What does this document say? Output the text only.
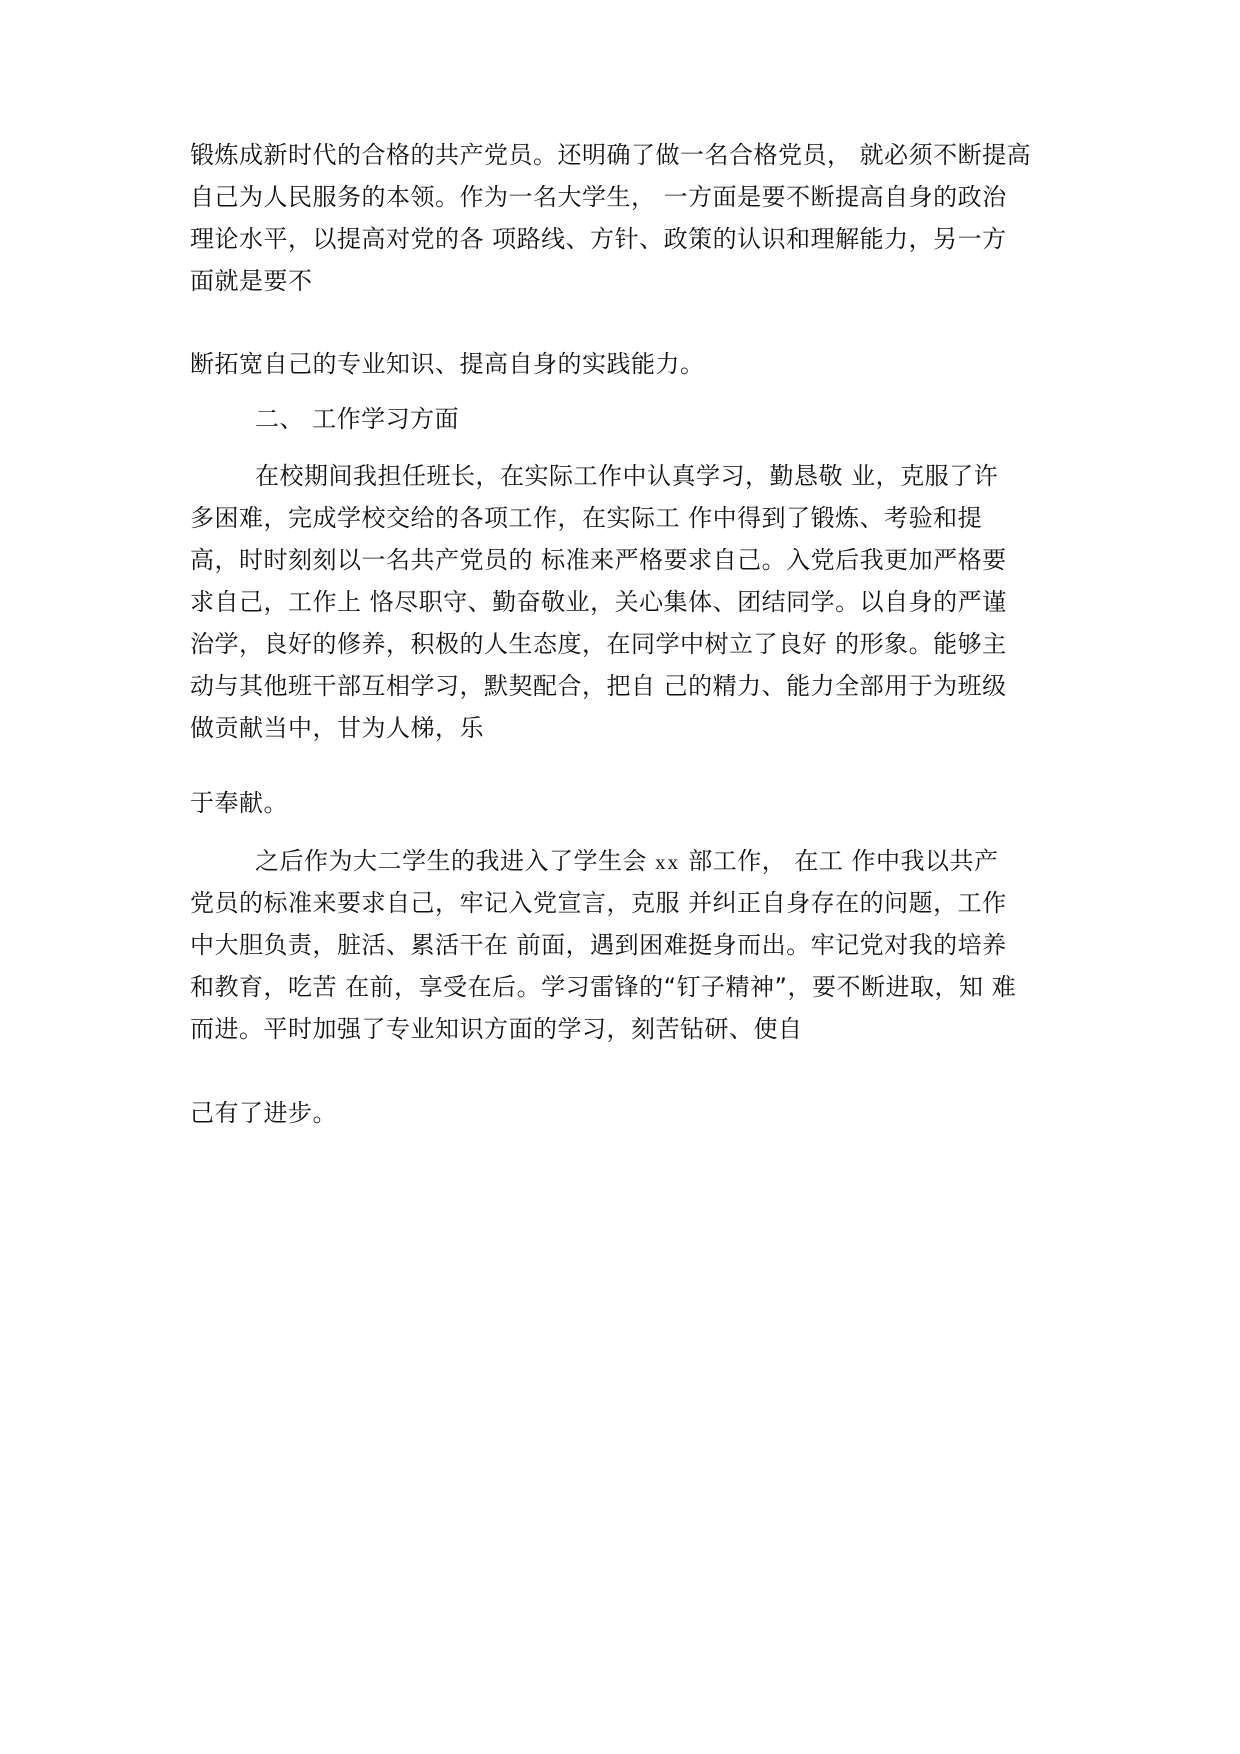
锻炼成新时代的合格的共产党员。还明确了做一名合格党员， 就必须不断提高
自己为人民服务的本领。作为一名大学生， 一方面是要不断提高自身的政治
理论水平，以提高对党的各 项路线、方针、政策的认识和理解能力，另一方
面就是要不
断拓宽自己的专业知识、提高自身的实践能力。
二、 工作学习方面
在校期间我担任班长，在实际工作中认真学习，勤恳敬 业，克服了许
多困难，完成学校交给的各项工作，在实际工 作中得到了锻炼、考验和提
高，时时刻刻以一名共产党员的 标准来严格要求自己。入党后我更加严格要
求自己，工作上 恪尽职守、勤奋敬业，关心集体、团结同学。以自身的严谨
治学，良好的修养，积极的人生态度，在同学中树立了良好 的形象。能够主
动与其他班干部互相学习，默契配合，把自 己的精力、能力全部用于为班级
做贡献当中，甘为人梯，乐
于奉献。
之后作为大二学生的我进入了学生会 xx 部工作， 在工 作中我以共产
党员的标准来要求自己，牢记入党宣言，克服 并纠正自身存在的问题，工作
中大胆负责，脏活、累活干在 前面，遇到困难挺身而出。牢记党对我的培养
和教育，吃苦 在前，享受在后。学习雷锋的“钉子精神”，要不断进取，知 难
而进。平时加强了专业知识方面的学习，刻苦钻研、使自
己有了进步。
